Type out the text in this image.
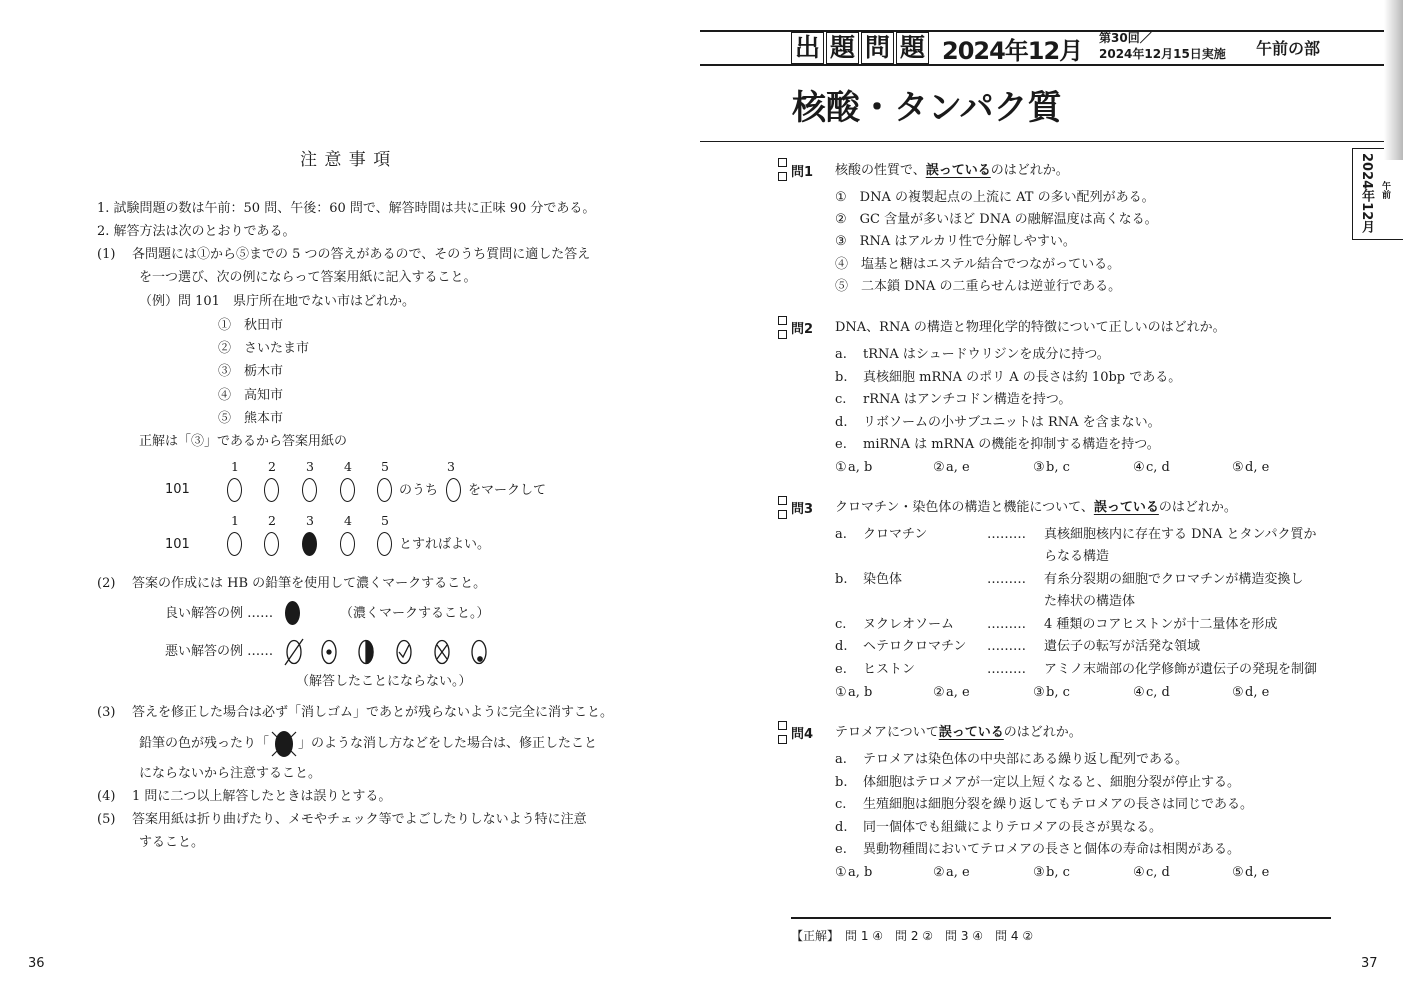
注 意 事 項
1. 試験問題の数は午前：50 問、午後：60 問で、解答時間は共に正味 90 分である。
2. 解答方法は次のとおりである。
(1) 各問題には①から⑤までの 5 つの答えがあるので、そのうち質問に適した答え
を一つ選び、次の例にならって答案用紙に記入すること。
（例）問 101　県庁所在地でない市はどれか。
①　 秋田市
②　 さいたま市
③　 栃木市
④　 高知市
⑤　 熊本市
正解は「③」であるから答案用紙の
1 2 3 4 5	3
101	のうち をマークして
1 2 3 4 5
101	とすればよい。
(2) 答案の作成には HB の鉛筆を使用して濃くマークすること。
良い解答の例 ……	（濃くマークすること。）
悪い解答の例 ……
（解答したことにならない。）
(3) 答えを修正した場合は必ず「消しゴム」であとが残らないように完全に消すこと。
鉛筆の色が残ったり「 」のような消し方などをした場合は、修正したこと
にならないから注意すること。
(4) 1 問に二つ以上解答したときは誤りとする。
(5) 答案用紙は折り曲げたり、メモやチェック等でよごしたりしないよう特に注意
すること。
36
出 題 問 題 2024年12月 第30回／
2024年12月15日実施 午前の部
核酸・タンパク質
2024年12月 午前
問1 核酸の性質で、誤っているのはどれか。
①　 DNA の複製起点の上流に AT の多い配列がある。
②　 GC 含量が多いほど DNA の融解温度は高くなる。
③　 RNA はアルカリ性で分解しやすい。
④　 塩基と糖はエステル結合でつながっている。
⑤　 二本鎖 DNA の二重らせんは逆並行である。
問2 DNA、RNA の構造と物理化学的特徴について正しいのはどれか。
a. tRNA はシュードウリジンを成分に持つ。
b. 真核細胞 mRNA のポリ A の長さは約 10bp である。
c. rRNA はアンチコドン構造を持つ。
d. リボソームの小サブユニットは RNA を含まない。
e. miRNA は mRNA の機能を抑制する構造を持つ。
①
　 a, b	②
　 a, e	③
　 b, c	④
　 c, d	⑤
　 d, e
問3 クロマチン・染色体の構造と機能について、誤っているのはどれか。
a. クロマチン	……… 真核細胞核内に存在する DNA とタンパク質か
らなる構造
b. 染色体	……… 有糸分裂期の細胞でクロマチンが構造変換し
た棒状の構造体
c. ヌクレオソーム	……… 4 種類のコアヒストンが十二量体を形成
d. ヘテロクロマチン ……… 遺伝子の転写が活発な領域
e. ヒストン	……… アミノ末端部の化学修飾が遺伝子の発現を制御
①
　 a, b	②
　 a, e	③
　 b, c	④
　 c, d	⑤
　 d, e
問4 テロメアについて誤っているのはどれか。
a. テロメアは染色体の中央部にある繰り返し配列である。
b. 体細胞はテロメアが一定以上短くなると、細胞分裂が停止する。
c. 生殖細胞は細胞分裂を繰り返してもテロメアの長さは同じである。
d. 同一個体でも組織によりテロメアの長さが異なる。
e. 異動物種間においてテロメアの長さと個体の寿命は相関がある。
①
　 a, b	②
　 a, e	③
　 b, c	④
　 c, d	⑤
　 d, e
【正解】　問 1 ④　問 2 ②　問 3 ④　問 4 ②
37
